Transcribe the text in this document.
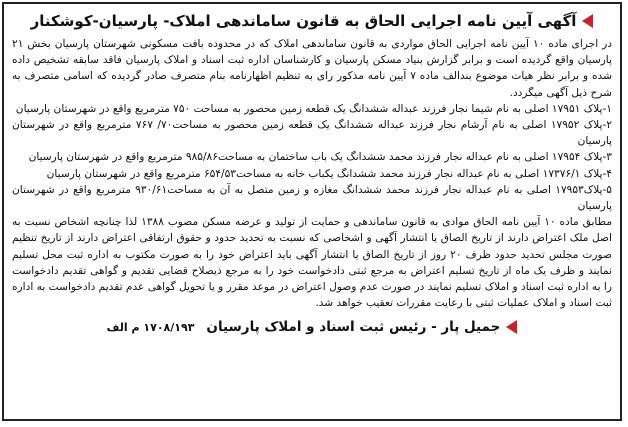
آگهی آیین نامه اجرایی الحاق به قانون ساماندهی املاک- پارسیان-کوشکنار

در اجرای ماده ۱۰ آیین نامه اجرایی الحاق مواردی به قانون ساماندهی املاک که در محدوده بافت مسکونی شهرستان پارسیان بخش ۲۱ پارسیان واقع گردیده است و برابر گزارش بنیاد مسکن پارسیان و کارشناسان اداره ثبت اسناد و املاک پارسیان فاقد سابقه تشخیص داده شده و برابر نظر هیات موضوع بندالف ماده ۷ آیین نامه مذکور رای به تنظیم اظهارنامه بنام متصرف صادر گردیده که اسامی متصرف به شرح ذیل آگهی میگردد.

۱-پلاک ۱۷۹۵۱ اصلی به نام شیما نجار فرزند عبداله ششدانگ یک قطعه زمین محصور به مساحت ۷۵۰ مترمربع واقع در شهرستان پارسیان
۲-پلاک ۱۷۹۵۲ اصلی به نام آرشام نجار فرزند عبداله ششدانگ یک قطعه زمین محصور به مساحت۷۰/ ۷۶۷ مترمربع واقع در شهرستان پارسیان
۳-پلاک ۱۷۹۵۴ اصلی به نام عبداله نجار فرزند محمد ششدانگ یک باب ساختمان به مساحت۹۸۵/۸۶ مترمربع واقع در شهرستان پارسیان
۴-پلاک ۱۷۳۷۶/۱ اصلی به نام عبداله نجار فرزند محمد ششدانگ یکباب خانه به مساحت۶۵۴/۵۳ مترمربع واقع در شهرستان پارسیان
۵-پلاک۱۷۹۵۳ اصلی به نام عبداله نجار فرزند محمد ششدانگ مغازه و زمین متصل به آن به مساحت۹۳۰/۶۱ مترمربع واقع در شهرستان پارسیان

مطابق ماده ۱۰ آیین نامه الحاق موادی به قانون ساماندهی و حمایت از تولید و عرضه مسکن مصوب ۱۳۸۸ لذا چنانچه اشخاص نسبت به اصل ملک اعتراض دارند از تاریخ الصاق یا انتشار آگهی و اشخاصی که نسبت به تحدید حدود و حقوق ارتفاقی اعتراض دارند از تاریخ تنظیم صورت مجلس تحدید حدود ظرف ۲۰ روز از تاریخ الصاق یا انتشار آگهی باید اعتراض خود را به صورت مکتوب به اداره ثبت محل تسلیم نمایند و ظرف یک ماه از تاریخ تسلیم اعتراض به مرجع ثبتی دادخواست خود را به مرجع ذیصلاح قضایی تقدیم و گواهی تقدیم دادخواست را به اداره ثبت اسناد و املاک تسلیم نمایند در صورت عدم وصول اعتراض در موعد مقرر و یا تحویل گواهی عدم تقدیم دادخواست به اداره ثبت اسناد و املاک عملیات ثبتی با رعایت مقررات تعقیب خواهد شد.

جمیل پار - رئیس ثبت اسناد و املاک پارسیان
۱۷۰۸/۱۹۳ م الف
